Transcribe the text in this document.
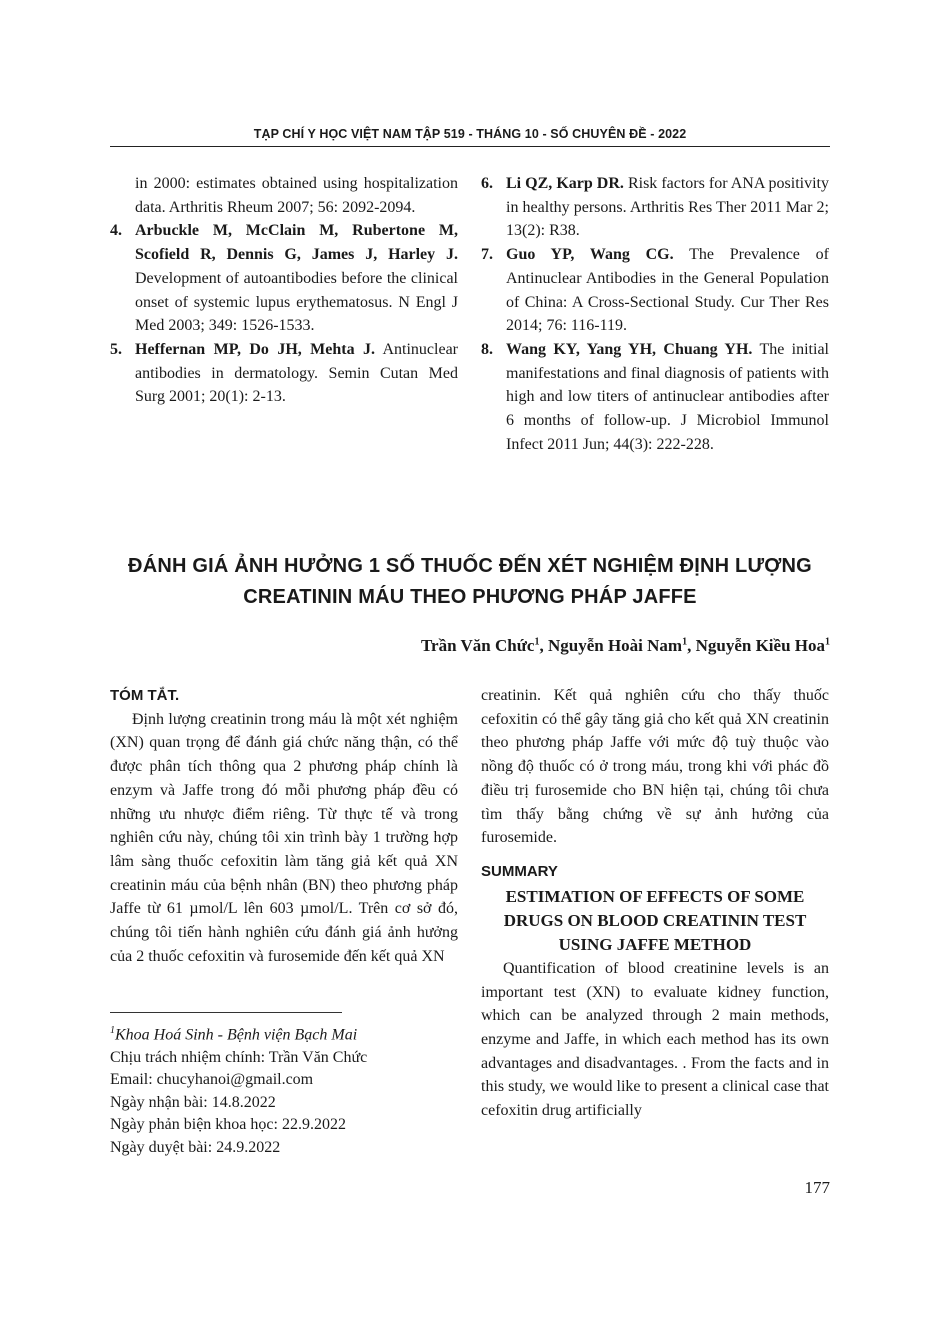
TẠP CHÍ Y HỌC VIỆT NAM TẬP 519 - THÁNG 10 - SỐ CHUYÊN ĐỀ - 2022

in 2000: estimates obtained using hospitalization data. Arthritis Rheum 2007; 56: 2092-2094.

4. Arbuckle M, McClain M, Rubertone M, Scofield R, Dennis G, James J, Harley J. Development of autoantibodies before the clinical onset of systemic lupus erythematosus. N Engl J Med 2003; 349: 1526-1533.

5. Heffernan MP, Do JH, Mehta J. Antinuclear antibodies in dermatology. Semin Cutan Med Surg 2001; 20(1): 2-13.

6. Li QZ, Karp DR. Risk factors for ANA positivity in healthy persons. Arthritis Res Ther 2011 Mar 2; 13(2): R38.

7. Guo YP, Wang CG. The Prevalence of Antinuclear Antibodies in the General Population of China: A Cross-Sectional Study. Cur Ther Res 2014; 76: 116-119.

8. Wang KY, Yang YH, Chuang YH. The initial manifestations and final diagnosis of patients with high and low titers of antinuclear antibodies after 6 months of follow-up. J Microbiol Immunol Infect 2011 Jun; 44(3): 222-228.

ĐÁNH GIÁ ẢNH HƯỞNG 1 SỐ THUỐC ĐẾN XÉT NGHIỆM ĐỊNH LƯỢNG
CREATININ MÁU THEO PHƯƠNG PHÁP JAFFE
Trần Văn Chức$^1$, Nguyễn Hoài Nam$^1$, Nguyễn Kiều Hoa$^1$
TÓM TẮT.

Định lượng creatinin trong máu là một xét nghiệm (XN) quan trọng để đánh giá chức năng thận, có thể được phân tích thông qua 2 phương pháp chính là enzym và Jaffe trong đó mỗi phương pháp đều có những ưu nhược điểm riêng. Từ thực tế và trong nghiên cứu này, chúng tôi xin trình bày 1 trường hợp lâm sàng thuốc cefoxitin làm tăng giả kết quả XN creatinin máu của bệnh nhân (BN) theo phương pháp Jaffe từ 61 µmol/L lên 603 µmol/L. Trên cơ sở đó, chúng tôi tiến hành nghiên cứu đánh giá ảnh hưởng của 2 thuốc cefoxitin và furosemide đến kết quả XN

$^1$Khoa Hoá Sinh - Bệnh viện Bạch Mai
Chịu trách nhiệm chính: Trần Văn Chức
Email: chucyhanoi@gmail.com
Ngày nhận bài: 14.8.2022
Ngày phản biện khoa học: 22.9.2022
Ngày duyệt bài: 24.9.2022

creatinin. Kết quả nghiên cứu cho thấy thuốc cefoxitin có thể gây tăng giả cho kết quả XN creatinin theo phương pháp Jaffe với mức độ tuỳ thuộc vào nồng độ thuốc có ở trong máu, trong khi với phác đồ điều trị furosemide cho BN hiện tại, chúng tôi chưa tìm thấy bằng chứng về sự ảnh hưởng của furosemide.

SUMMARY
ESTIMATION OF EFFECTS OF SOME DRUGS ON BLOOD CREATININ TEST USING JAFFE METHOD

Quantification of blood creatinine levels is an important test (XN) to evaluate kidney function, which can be analyzed through 2 main methods, enzyme and Jaffe, in which each method has its own advantages and disadvantages. . From the facts and in this study, we would like to present a clinical case that cefoxitin drug artificially

177
